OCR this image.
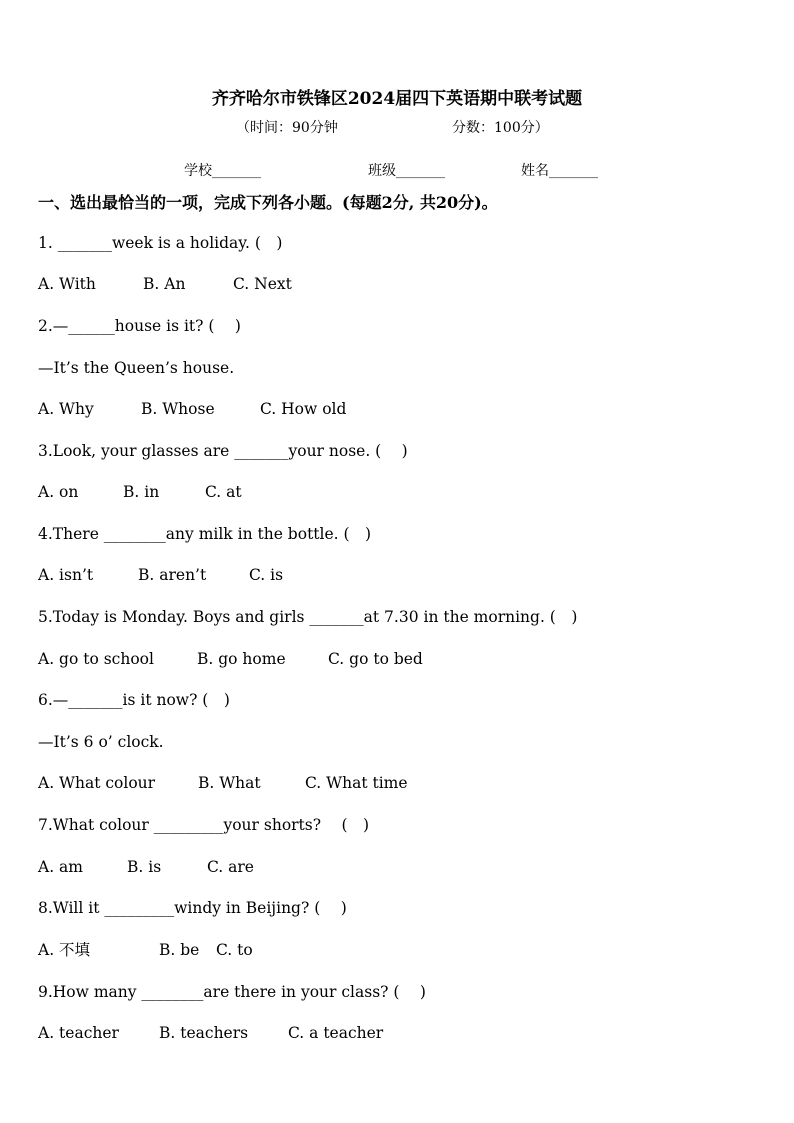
齐齐哈尔市铁锋区2024届四下英语期中联考试题
（时间：90分钟	分数：100分）
学校_______	班级_______	姓名_______
一、选出最恰当的一项，完成下列各小题。(每题2分, 共20分)。
1. _______week is a holiday. (　)
A. With	B. An	C. Next
2.—______house is it? (　 )
—It’s the Queen’s house.
A. Why	B. Whose	C. How old
3.Look, your glasses are _______your nose. (　 )
A. on	B. in	C. at
4.There ________any milk in the bottle. (　)
A. isn’t	B. aren’t	C. is
5.Today is Monday. Boys and girls _______at 7.30 in the morning. (　)
A. go to school	B. go home	C. go to bed
6.—_______is it now? (　)
—It’s 6 o’ clock.
A. What colour	B. What	C. What time
7.What colour _________your shorts?　 (　)
A. am	B. is	C. are
8.Will it _________windy in Beijing? (　 )
A. 不填	B. be C. to
9.How many ________are there in your class? (　 )
A. teacher	B. teachers	C. a teacher
